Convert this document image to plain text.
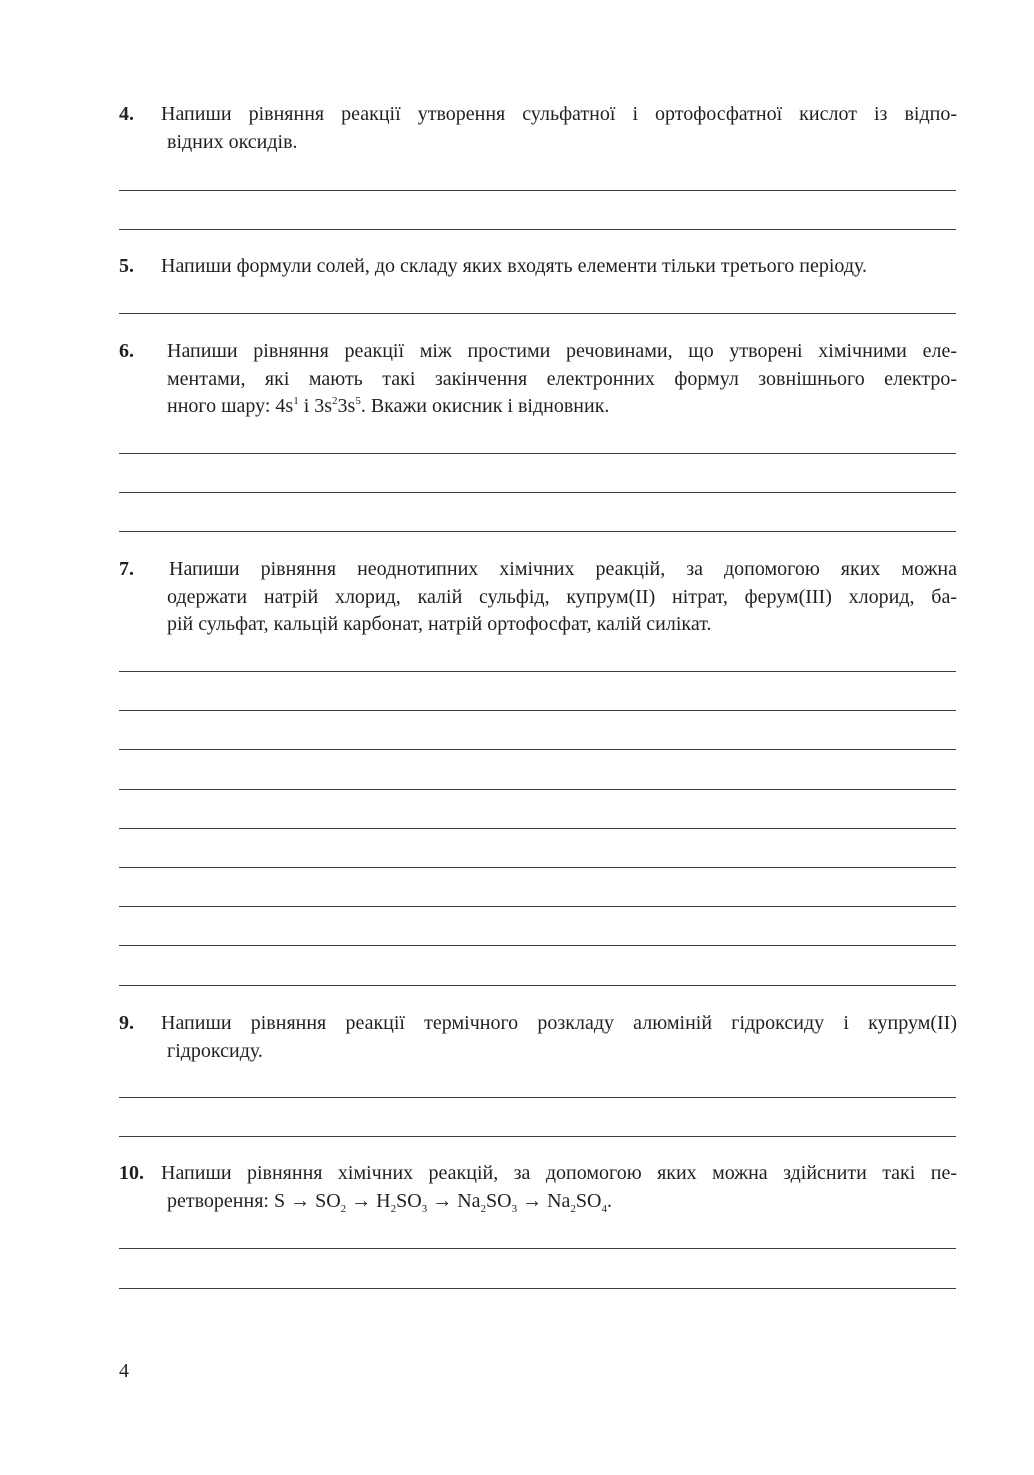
4.	Напиши рівняння реакції утворення сульфатної і ортофосфатної кислот із відпо-
відних оксидів.
5.	Напиши формули солей, до складу яких входять елементи тільки третього періоду.
6.	Напиши рівняння реакції між простими речовинами, що утворені хімічними еле-
ментами, які мають такі закінчення електронних формул зовнішнього електро-
нного шару: $4s^1$ і $3s^23s^5$. Вкажи окисник і відновник.
7.	Напиши рівняння неоднотипних хімічних реакцій, за допомогою яких можна
одержати натрій хлорид, калій сульфід, купрум(ІІ) нітрат, ферум(ІІІ) хлорид, ба-
рій сульфат, кальцій карбонат, натрій ортофосфат, калій силікат.
9.	Напиши рівняння реакції термічного розкладу алюміній гідроксиду і купрум(ІІ)
гідроксиду.
10. Напиши рівняння хімічних реакцій, за допомогою яких можна здійснити такі пе-
ретворення: $S \to SO_2 \to H_2SO_3 \to Na_2SO_3 \to Na_2SO_4$.
4
